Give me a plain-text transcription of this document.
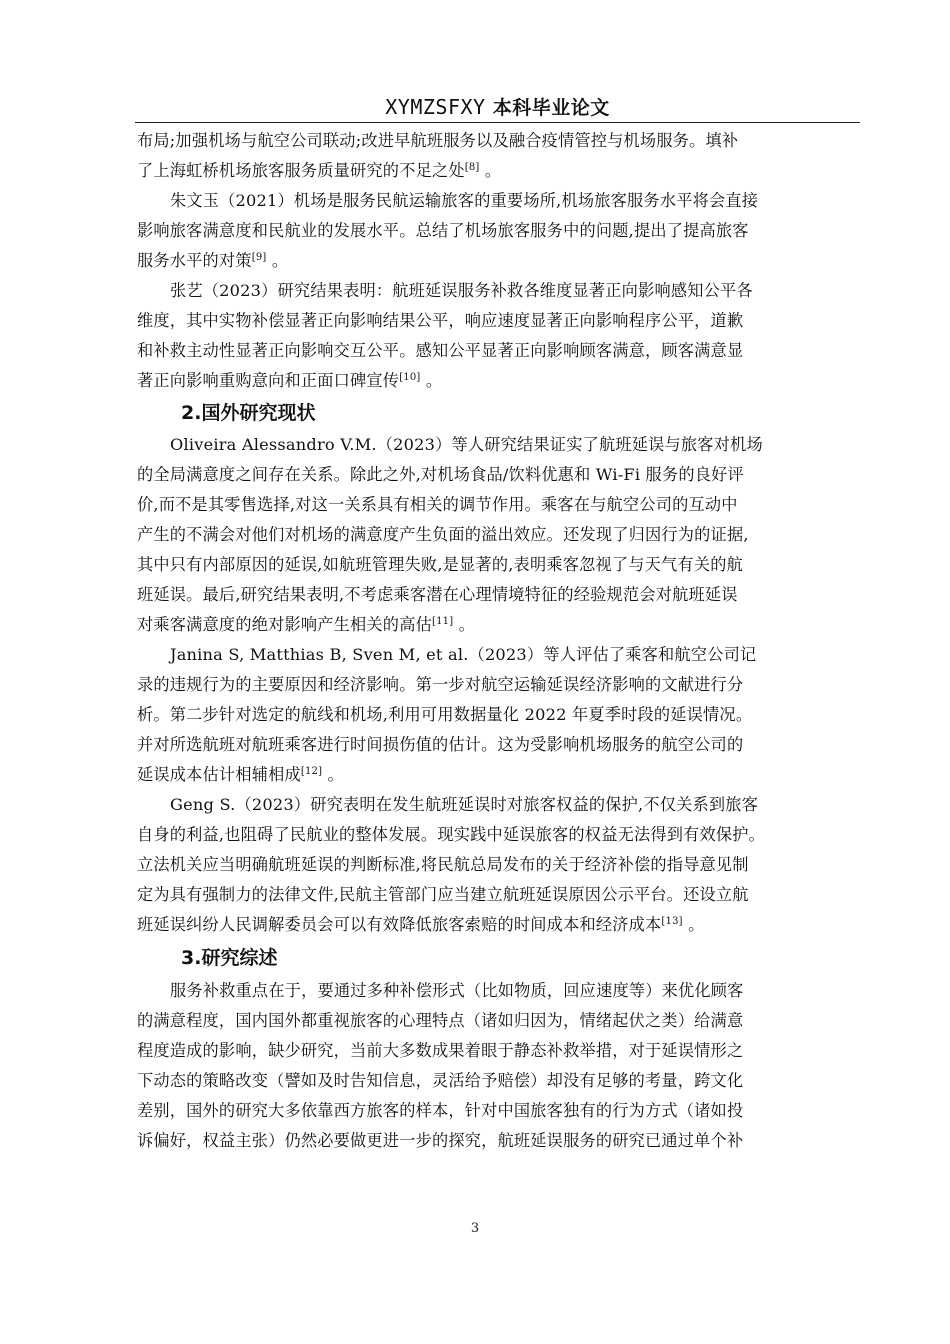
XYMZSFXY 本科毕业论文

布局;加强机场与航空公司联动;改进早航班服务以及融合疫情管控与机场服务。填补
了上海虹桥机场旅客服务质量研究的不足之处[8] 。

朱文玉（2021）机场是服务民航运输旅客的重要场所,机场旅客服务水平将会直接
影响旅客满意度和民航业的发展水平。总结了机场旅客服务中的问题,提出了提高旅客
服务水平的对策[9] 。

张艺（2023）研究结果表明：航班延误服务补救各维度显著正向影响感知公平各
维度，其中实物补偿显著正向影响结果公平，响应速度显著正向影响程序公平，道歉
和补救主动性显著正向影响交互公平。感知公平显著正向影响顾客满意，顾客满意显
著正向影响重购意向和正面口碑宣传[10] 。

2.国外研究现状

Oliveira Alessandro V.M.（2023）等人研究结果证实了航班延误与旅客对机场
的全局满意度之间存在关系。除此之外,对机场食品/饮料优惠和 Wi-Fi 服务的良好评
价,而不是其零售选择,对这一关系具有相关的调节作用。乘客在与航空公司的互动中
产生的不满会对他们对机场的满意度产生负面的溢出效应。还发现了归因行为的证据,
其中只有内部原因的延误,如航班管理失败,是显著的,表明乘客忽视了与天气有关的航
班延误。最后,研究结果表明,不考虑乘客潜在心理情境特征的经验规范会对航班延误
对乘客满意度的绝对影响产生相关的高估[11] 。

Janina S, Matthias B, Sven M, et al.（2023）等人评估了乘客和航空公司记
录的违规行为的主要原因和经济影响。第一步对航空运输延误经济影响的文献进行分
析。第二步针对选定的航线和机场,利用可用数据量化 2022 年夏季时段的延误情况。
并对所选航班对航班乘客进行时间损伤值的估计。这为受影响机场服务的航空公司的
延误成本估计相辅相成[12] 。

Geng S.（2023）研究表明在发生航班延误时对旅客权益的保护,不仅关系到旅客
自身的利益,也阻碍了民航业的整体发展。现实践中延误旅客的权益无法得到有效保护。
立法机关应当明确航班延误的判断标准,将民航总局发布的关于经济补偿的指导意见制
定为具有强制力的法律文件,民航主管部门应当建立航班延误原因公示平台。还设立航
班延误纠纷人民调解委员会可以有效降低旅客索赔的时间成本和经济成本[13] 。

3.研究综述

服务补救重点在于，要通过多种补偿形式（比如物质，回应速度等）来优化顾客
的满意程度，国内国外都重视旅客的心理特点（诸如归因为，情绪起伏之类）给满意
程度造成的影响，缺少研究，当前大多数成果着眼于静态补救举措，对于延误情形之
下动态的策略改变（譬如及时告知信息，灵活给予赔偿）却没有足够的考量，跨文化
差别，国外的研究大多依靠西方旅客的样本，针对中国旅客独有的行为方式（诸如投
诉偏好，权益主张）仍然必要做更进一步的探究，航班延误服务的研究已通过单个补

3
